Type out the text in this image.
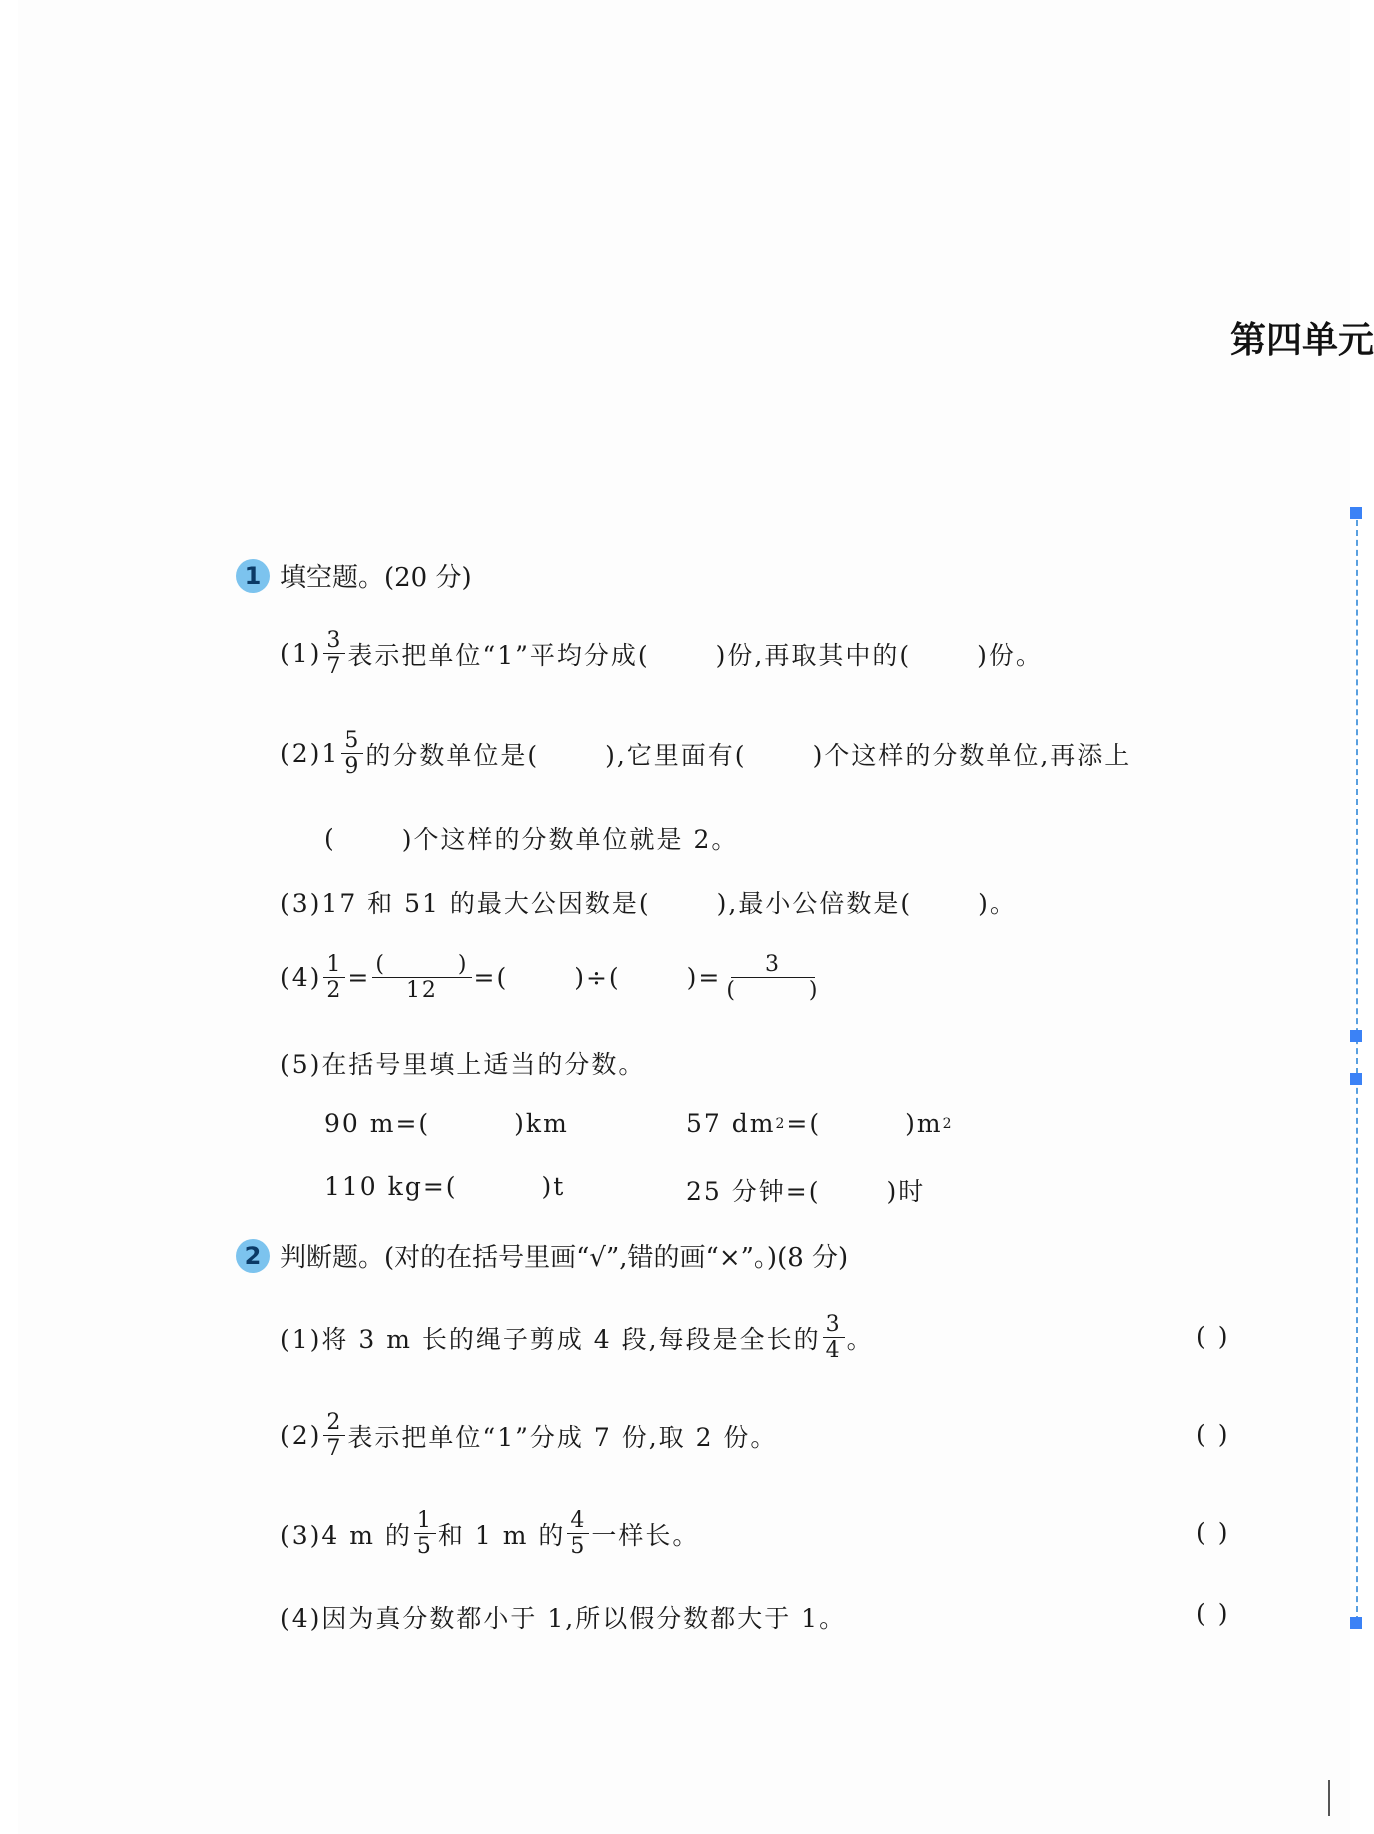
第四单元
1 填空题。(20 分)
$(1) \frac{3}{7}$ 表示把单位“1”平均分成(	)份,再取其中的(	)份。
$(2)1 \frac{5}{9}$ 的分数单位是(	),它里面有(	)个这样的分数单位,再添上
(	)个这样的分数单位就是 2。
(3)17 和 51 的最大公因数是(	),最小公倍数是(	)。
$(4) \frac{1}{2} = \frac{( )}{12}$ =(	)÷(	)= $\frac{3}{( )}$
(5)在括号里填上适当的分数。
90 m=(	)km	57 dm 2 =(	)m 2
110 kg=(	)t	25 分钟=(	)时
2 判断题。(对的在括号里画“√”,错的画“×”。)(8 分)
(1)将 3 m 长的绳子剪成 4 段,每段是全长的 $\frac{3}{4}$ 。	( )
$(2) \frac{2}{7}$ 表示把单位“1”分成 7 份,取 2 份。	( )
(3)4 m 的 $\frac{1}{5}$ 和 1 m 的 $\frac{4}{5}$ 一样长。	( )
(4)因为真分数都小于 1,所以假分数都大于 1。	( )
